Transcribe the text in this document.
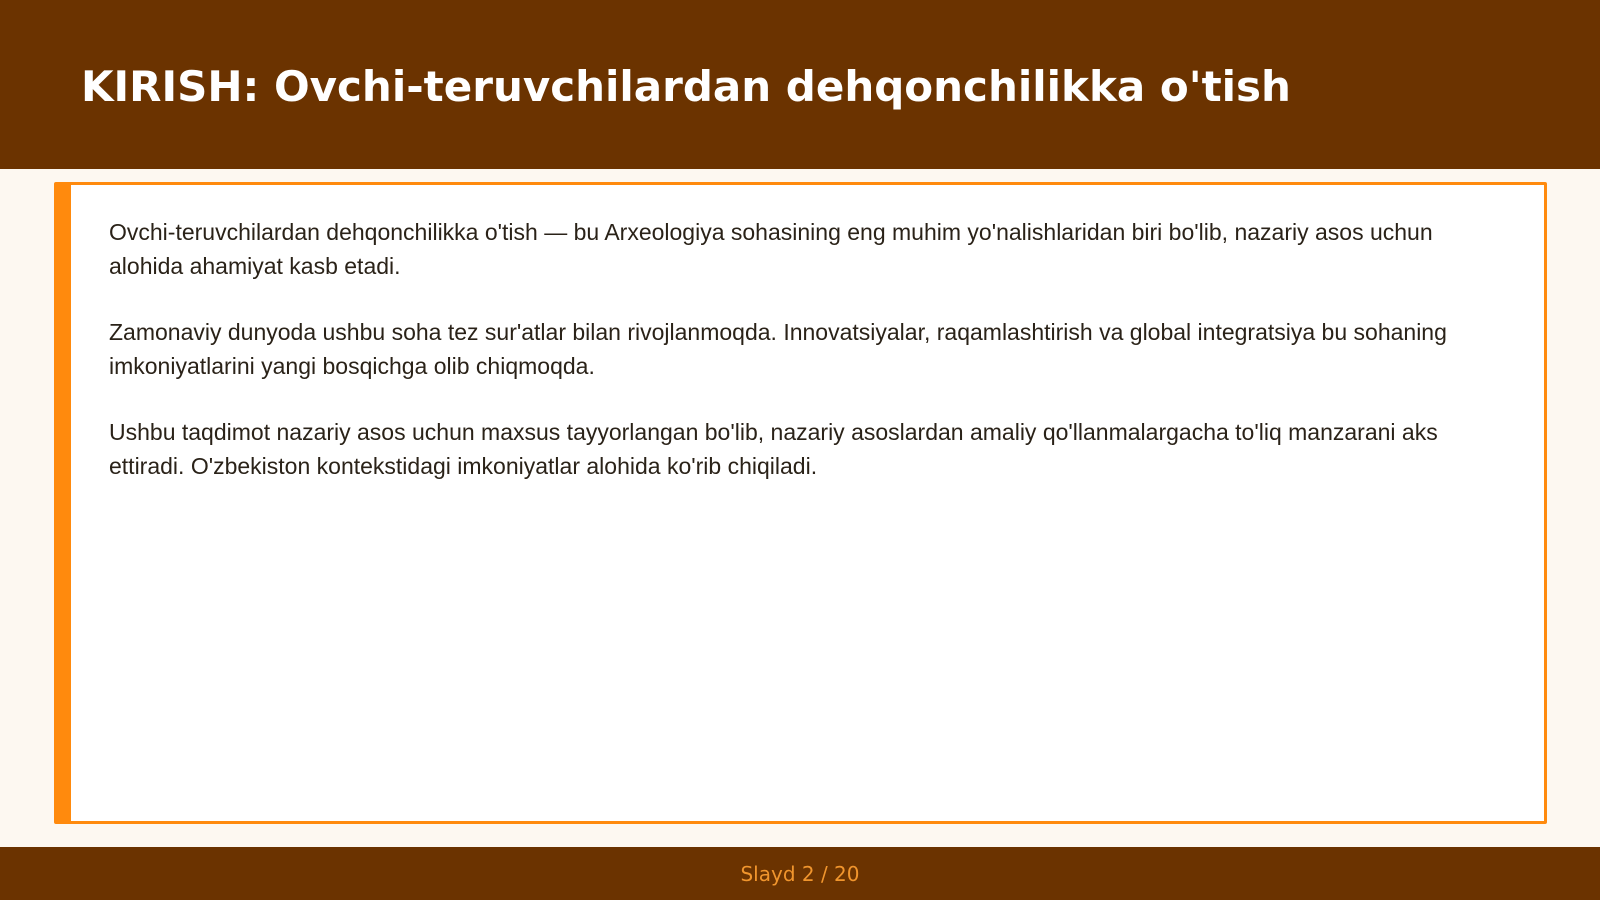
KIRISH: Ovchi-teruvchilardan dehqonchilikka o'tish

Ovchi-teruvchilardan dehqonchilikka o'tish — bu Arxeologiya sohasining eng muhim yo'nalishlaridan biri bo'lib, nazariy asos uchun alohida ahamiyat kasb etadi.

Zamonaviy dunyoda ushbu soha tez sur'atlar bilan rivojlanmoqda. Innovatsiyalar, raqamlashtirish va global integratsiya bu sohaning imkoniyatlarini yangi bosqichga olib chiqmoqda.

Ushbu taqdimot nazariy asos uchun maxsus tayyorlangan bo'lib, nazariy asoslardan amaliy qo'llanmalargacha to'liq manzarani aks ettiradi. O'zbekiston kontekstidagi imkoniyatlar alohida ko'rib chiqiladi.

Slayd 2 / 20
